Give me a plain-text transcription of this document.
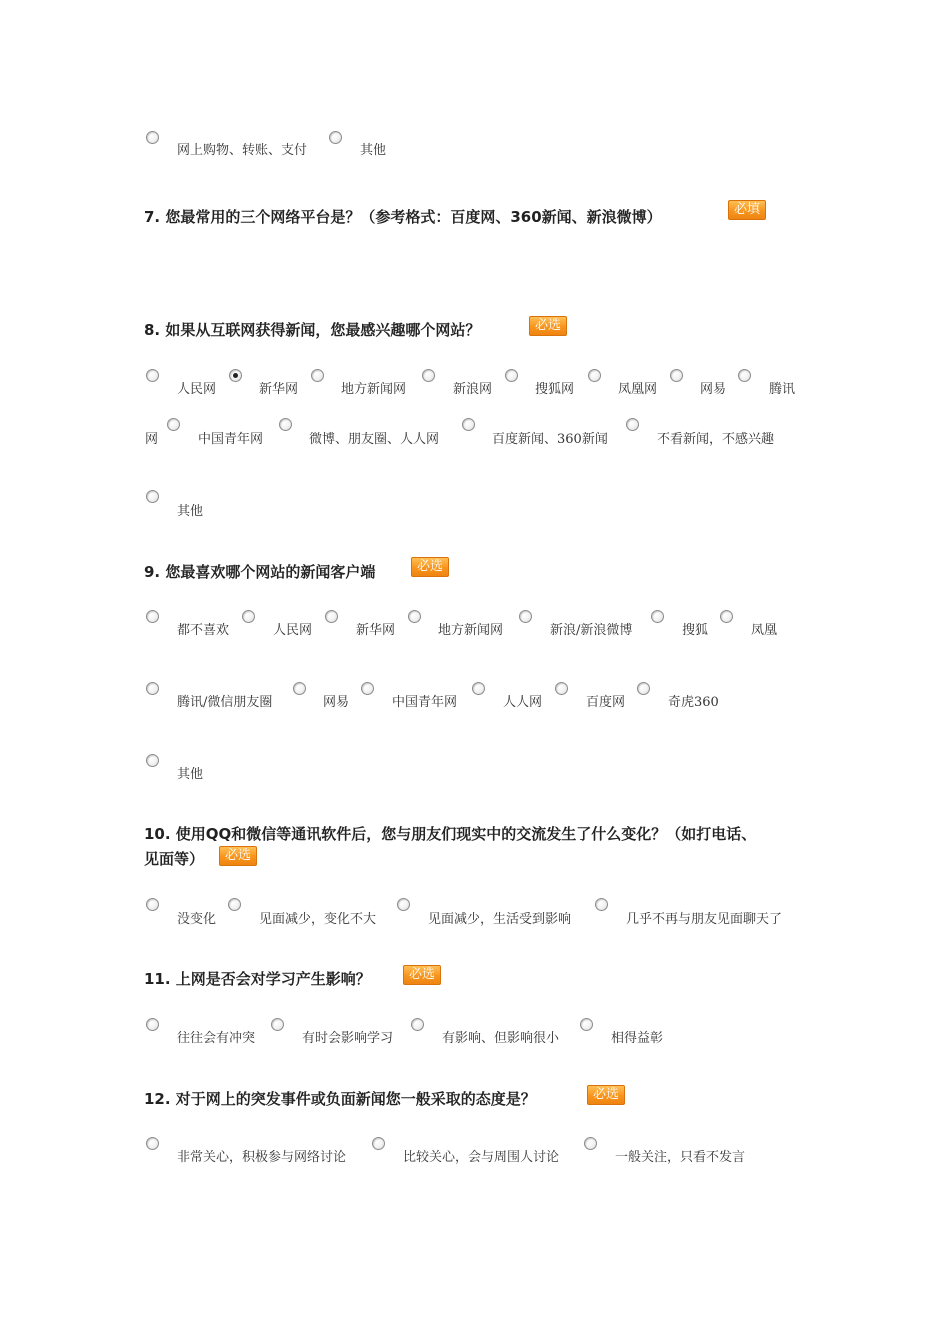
网上购物、转账、支付	其他
7. 您最常用的三个网络平台是？（参考格式：百度网、360新闻、新浪微博）	必填
8. 如果从互联网获得新闻，您最感兴趣哪个网站？	必选
人民网	新华网	地方新闻网	新浪网	搜狐网	凤凰网	网易	腾讯
网	中国青年网	微博、朋友圈、人人网	百度新闻、360新闻	不看新闻，不感兴趣
其他
9. 您最喜欢哪个网站的新闻客户端	必选
都不喜欢	人民网	新华网	地方新闻网	新浪/新浪微博	搜狐	凤凰
腾讯/微信朋友圈	网易	中国青年网	人人网	百度网	奇虎360
其他
10. 使用QQ和微信等通讯软件后，您与朋友们现实中的交流发生了什么变化？（如打电话、
见面等）	必选
没变化	见面减少，变化不大	见面减少，生活受到影响	几乎不再与朋友见面聊天了
11. 上网是否会对学习产生影响？	必选
往往会有冲突	有时会影响学习	有影响、但影响很小	相得益彰
12. 对于网上的突发事件或负面新闻您一般采取的态度是？	必选
非常关心，积极参与网络讨论	比较关心，会与周围人讨论	一般关注，只看不发言
